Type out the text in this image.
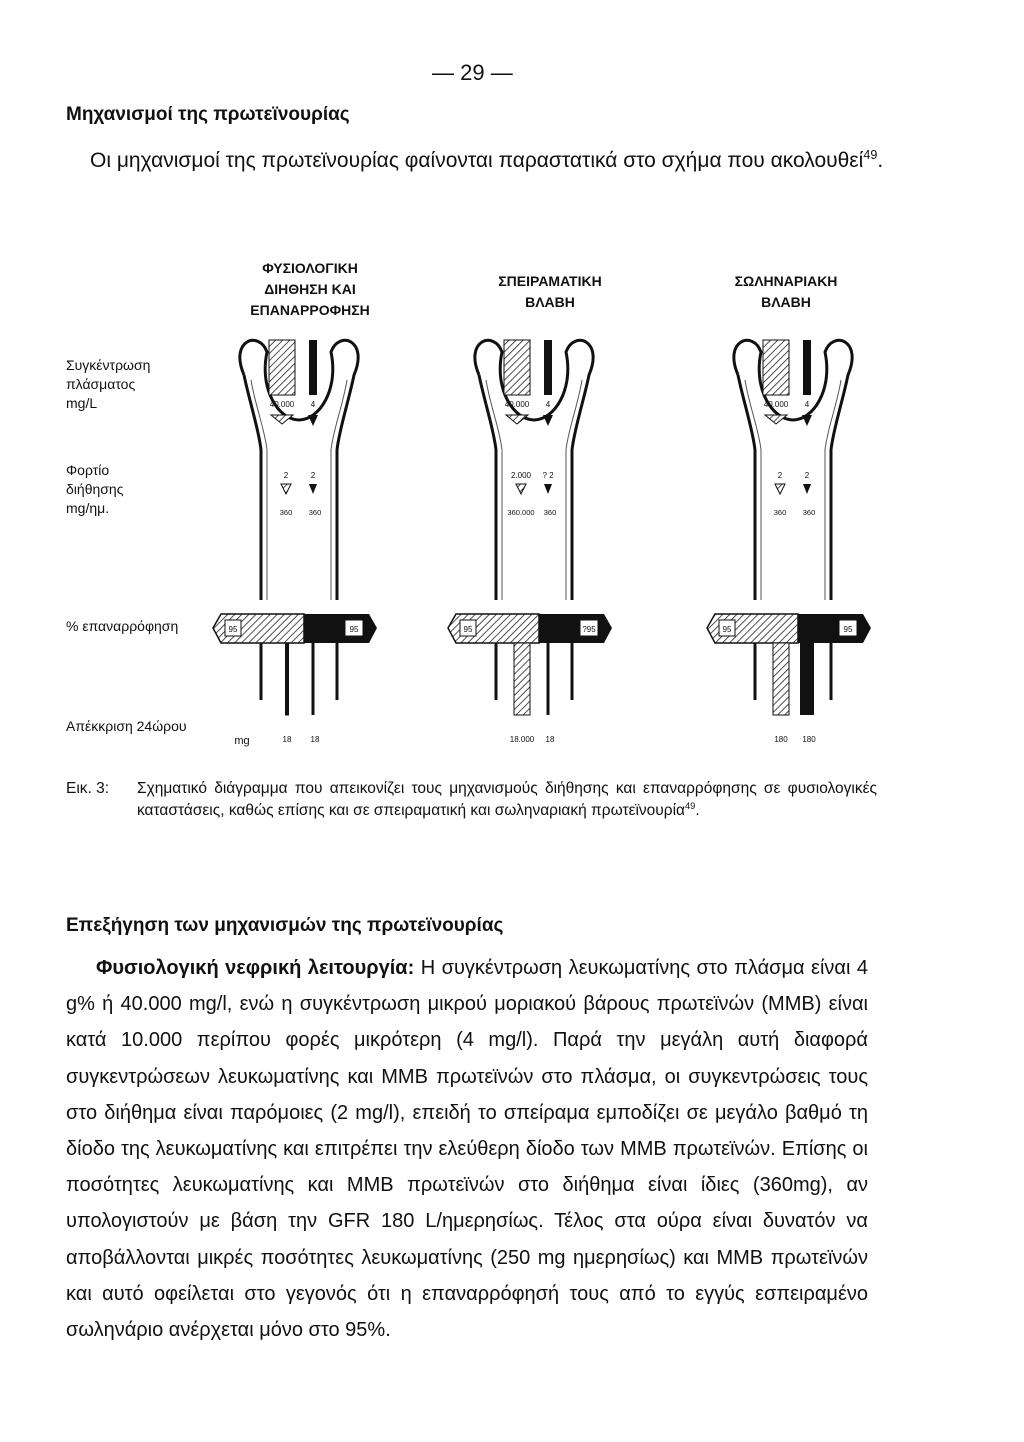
— 29 —
Μηχανισμοί της πρωτεϊνουρίας
Οι μηχανισμοί της πρωτεϊνουρίας φαίνονται παραστατικά στο σχήμα που ακολουθεί$^{49}$.
ΦΥΣΙΟΛΟΓΙΚΗ
ΔΙΗΘΗΣΗ ΚΑΙ
ΕΠΑΝΑΡΡΟΦΗΣΗ
ΣΠΕΙΡΑΜΑΤΙΚΗ
ΒΛΑΒΗ
ΣΩΛΗΝΑΡΙΑΚΗ
ΒΛΑΒΗ
Συγκέντρωση
πλάσματος
mg/L
Φορτίο
διήθησης
mg/ημ.
% επαναρρόφηση
Απέκκριση 24ώρου
40.000 4
2	2
360 360
95	95
18 18
mg
40.000 4
2.000 ? 2
360.000 360
95	?95
18.000 18
40.000 4
2	2
360 360
95	95
180 180
Εικ. 3: Σχηματικό διάγραμμα που απεικονίζει τους μηχανισμούς διήθησης και επαναρρόφησης σε φυσιολογικές καταστάσεις, καθώς επίσης και σε σπειραματική και σωληναριακή πρωτεϊνουρία$^{49}$.
Επεξήγηση των μηχανισμών της πρωτεϊνουρίας
Φυσιολογική νεφρική λειτουργία: Η συγκέντρωση λευκωματίνης στο πλάσμα είναι 4 g% ή 40.000 mg/l, ενώ η συγκέντρωση μικρού μοριακού βάρους πρωτεϊνών (ΜΜΒ) είναι κατά 10.000 περίπου φορές μικρότερη (4 mg/l). Παρά την μεγάλη αυτή διαφορά συγκεντρώσεων λευκωματίνης και ΜΜΒ πρωτεϊνών στο πλάσμα, οι συγκεντρώσεις τους στο διήθημα είναι παρόμοιες (2 mg/l), επειδή το σπείραμα εμποδίζει σε μεγάλο βαθμό τη δίοδο της λευκωματίνης και επιτρέπει την ελεύθερη δίοδο των ΜΜΒ πρωτεϊνών. Επίσης οι ποσότητες λευκωματίνης και ΜΜΒ πρωτεϊνών στο διήθημα είναι ίδιες (360mg), αν υπολογιστούν με βάση την GFR 180 L/ημερησίως. Τέλος στα ούρα είναι δυνατόν να αποβάλλονται μικρές ποσότητες λευκωματίνης (250 mg ημερησίως) και ΜΜΒ πρωτεϊνών και αυτό οφείλεται στο γεγονός ότι η επαναρρόφησή τους από το εγγύς εσπειραμένο σωληνάριο ανέρχεται μόνο στο 95%.
